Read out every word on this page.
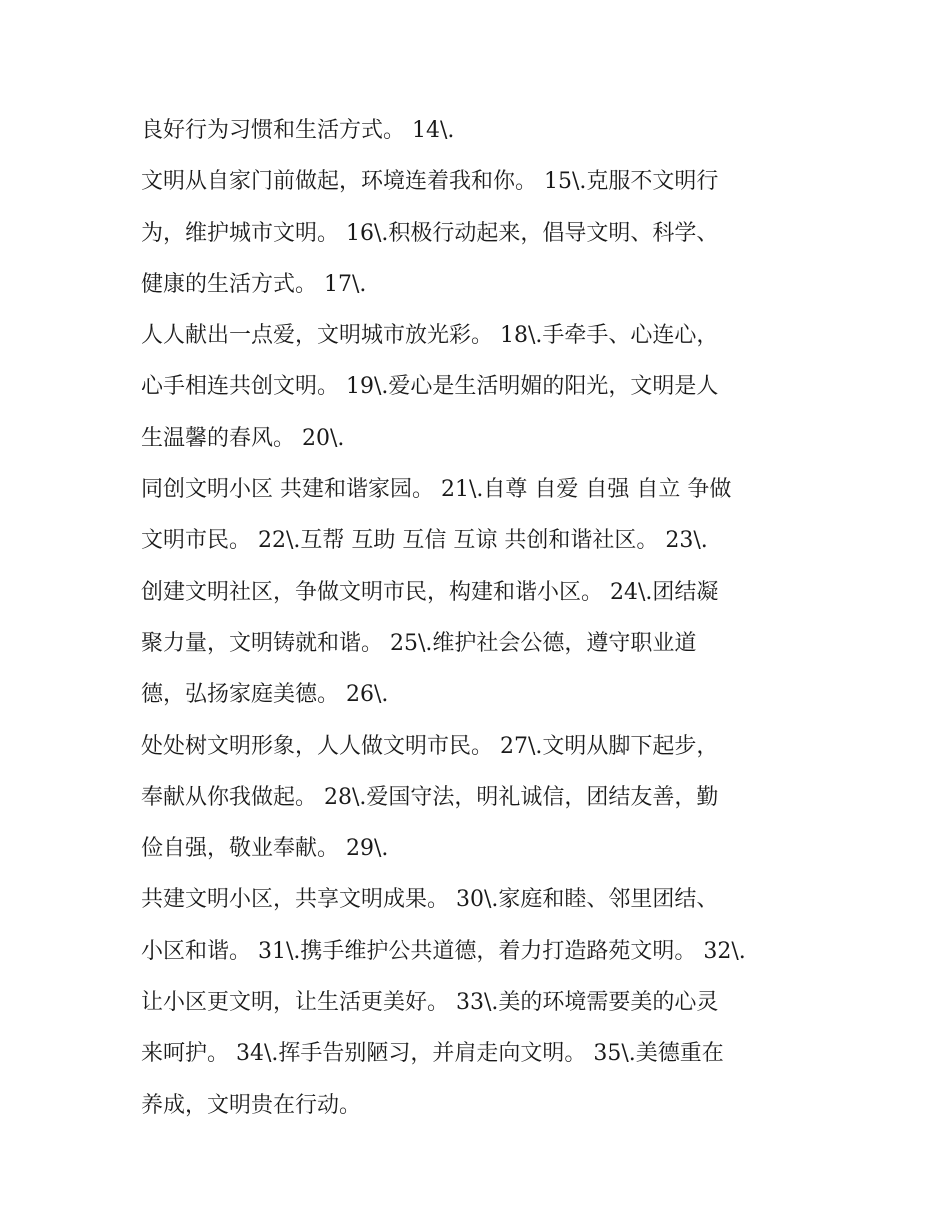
良好行为习惯和生活方式。 14\.
文明从自家门前做起，环境连着我和你。 15\.克服不文明行
为，维护城市文明。 16\.积极行动起来，倡导文明、科学、
健康的生活方式。 17\.
人人献出一点爱，文明城市放光彩。 18\.手牵手、心连心，
心手相连共创文明。 19\.爱心是生活明媚的阳光，文明是人
生温馨的春风。 20\.
同创文明小区 共建和谐家园。 21\.自尊 自爱 自强 自立 争做
文明市民。 22\.互帮 互助 互信 互谅 共创和谐社区。 23\.
创建文明社区，争做文明市民，构建和谐小区。 24\.团结凝
聚力量，文明铸就和谐。 25\.维护社会公德，遵守职业道
德，弘扬家庭美德。 26\.
处处树文明形象，人人做文明市民。 27\.文明从脚下起步，
奉献从你我做起。 28\.爱国守法，明礼诚信，团结友善，勤
俭自强，敬业奉献。 29\.
共建文明小区，共享文明成果。 30\.家庭和睦、邻里团结、
小区和谐。 31\.携手维护公共道德，着力打造路苑文明。 32\.
让小区更文明，让生活更美好。 33\.美的环境需要美的心灵
来呵护。 34\.挥手告别陋习，并肩走向文明。 35\.美德重在
养成，文明贵在行动。
